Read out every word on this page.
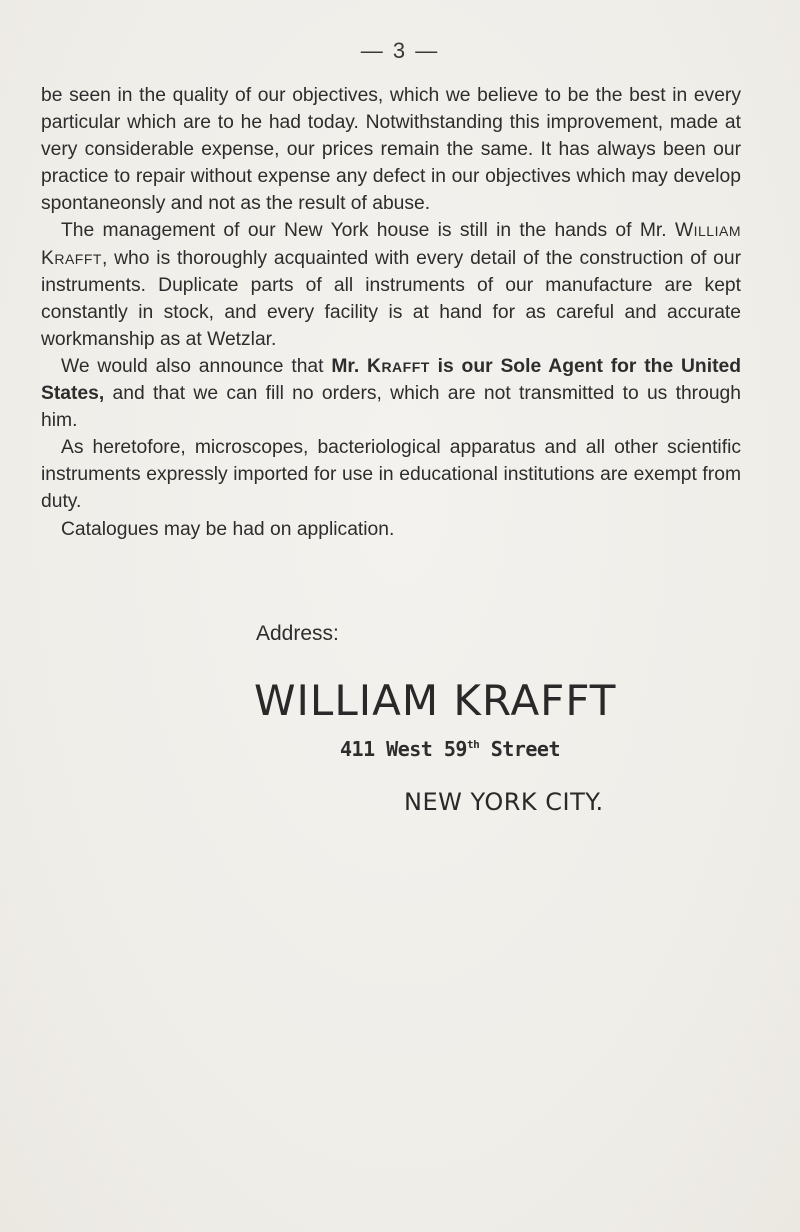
— 3 —

be seen in the quality of our objectives, which we believe to be the best in every particular which are to he had today. Notwithstanding this improvement, made at very considerable expense, our prices remain the same. It has always been our practice to repair without expense any defect in our objectives which may develop spontaneonsly and not as the result of abuse.

The management of our New York house is still in the hands of Mr. William Krafft, who is thoroughly acquainted with every detail of the construction of our instruments. Duplicate parts of all instruments of our manufacture are kept constantly in stock, and every facility is at hand for as careful and accurate workmanship as at Wetzlar.

We would also announce that Mr. Krafft is our Sole Agent for the United States, and that we can fill no orders, which are not transmitted to us through him.

As heretofore, microscopes, bacteriological apparatus and all other scientific instruments expressly imported for use in educational institutions are exempt from duty.

Catalogues may be had on application.

Address:
WILLIAM KRAFFT
411 West 59th Street
NEW YORK CITY.
